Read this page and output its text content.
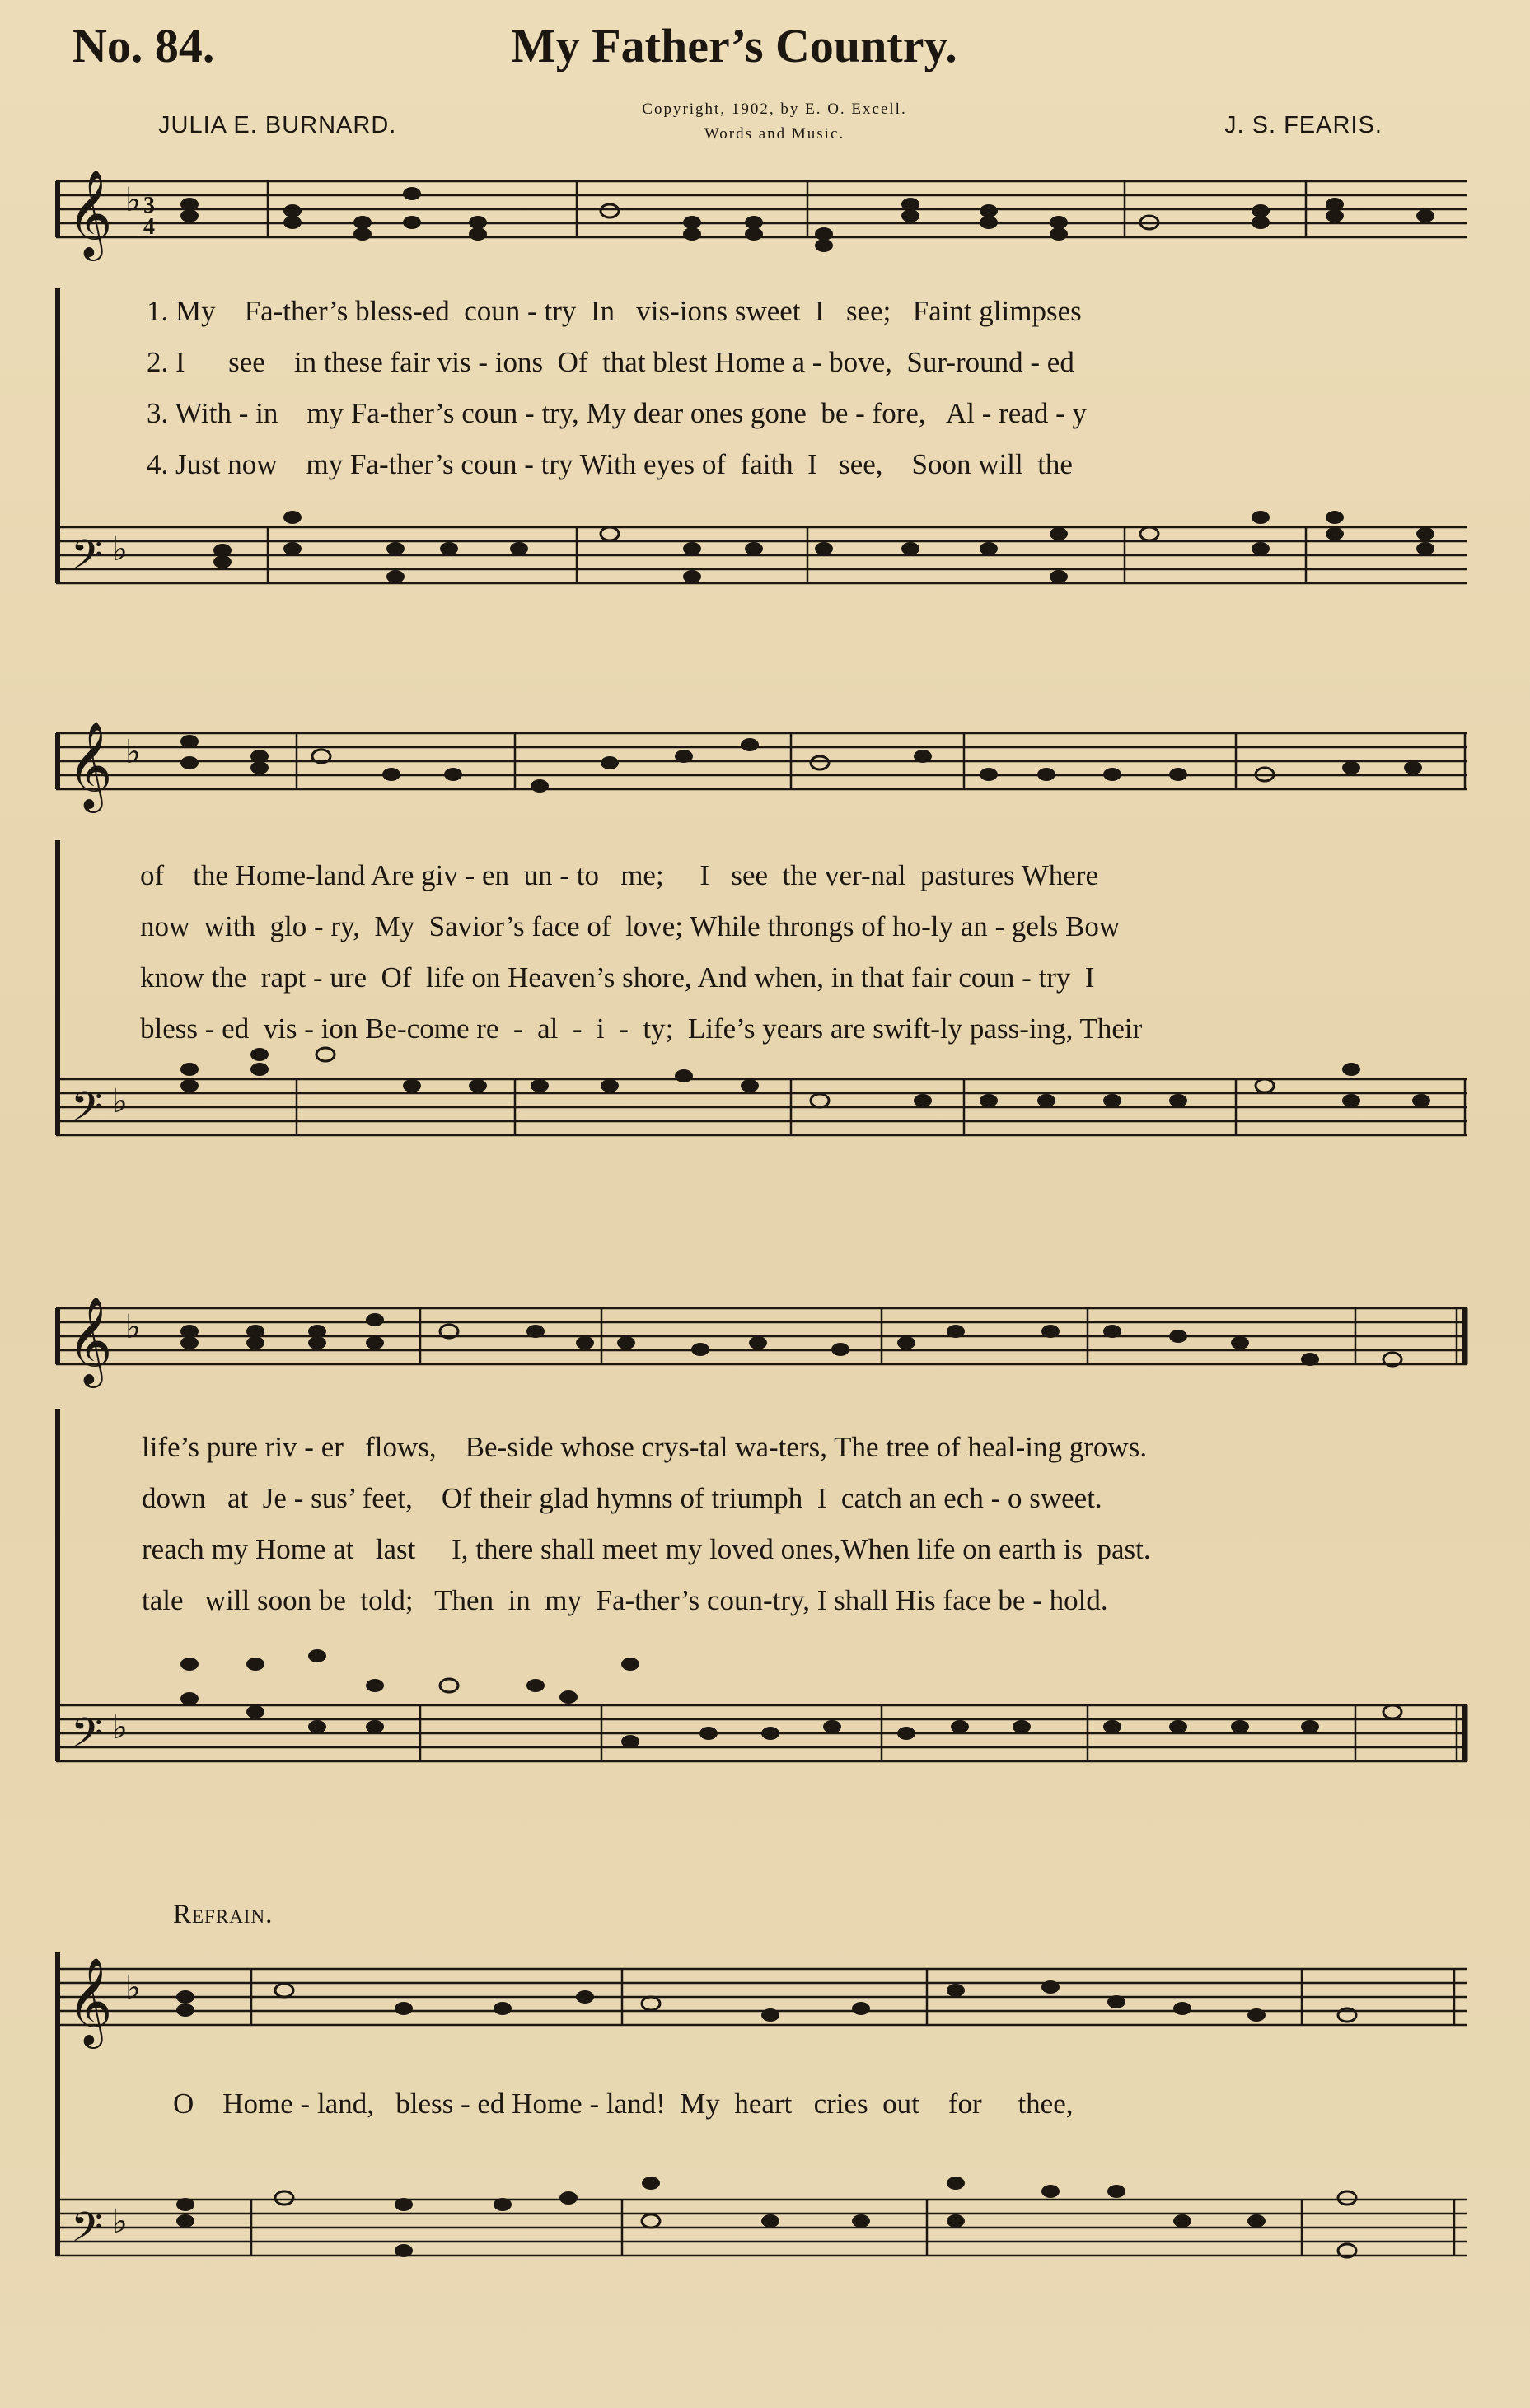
No. 84.	My Father’s Country.
JULIA E. BURNARD.
Copyright, 1902, by E. O. Excell.
Words and Music.	J. S. FEARIS.
𝄞 ♭ 3
4
1. My    Fa-ther’s bless-ed  coun - try  In   vis-ions sweet  I   see;   Faint glimpses
2. I      see    in these fair vis - ions  Of  that blest Home a - bove,  Sur-round - ed
3. With - in    my Fa-ther’s coun - try, My dear ones gone  be - fore,   Al - read - y
4. Just now    my Fa-ther’s coun - try With eyes of  faith  I   see,    Soon will  the
𝄢 ♭
𝄞 ♭
of    the Home-land Are giv - en  un - to   me;     I   see  the ver-nal  pastures Where
now  with  glo - ry,  My  Savior’s face of  love; While throngs of ho-ly an - gels Bow
know the  rapt - ure  Of  life on Heaven’s shore, And when, in that fair coun - try  I
bless - ed  vis - ion Be-come re  -  al  -  i  -  ty;  Life’s years are swift-ly pass-ing, Their
𝄢 ♭
𝄞 ♭
life’s pure riv - er   flows,    Be-side whose crys-tal wa-ters, The tree of heal-ing grows.
down   at  Je - sus’ feet,    Of their glad hymns of triumph  I  catch an ech - o sweet.
reach my Home at   last     I, there shall meet my loved ones,When life on earth is  past.
tale   will soon be  told;   Then  in  my  Fa-ther’s coun-try, I shall His face be - hold.
𝄢 ♭
Refrain.
𝄞 ♭
O    Home - land,   bless - ed Home - land!  My  heart   cries  out    for     thee,
𝄢 ♭
